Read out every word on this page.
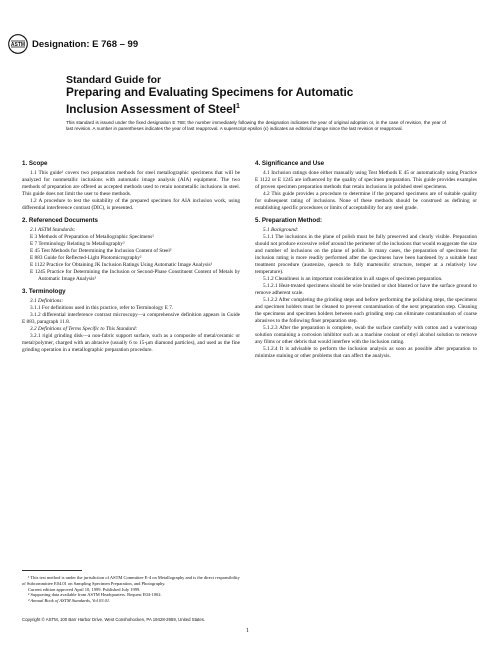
ASTM Designation: E 768 – 99
Standard Guide for
Preparing and Evaluating Specimens for Automatic
Inclusion Assessment of Steel$^1$
This standard is issued under the fixed designation E 768; the number immediately following the designation indicates the year of original adoption or, in the case of revision, the year of last revision. A number in parentheses indicates the year of last reapproval. A superscript epsilon (ε) indicates an editorial change since the last revision or reapproval.
1. Scope

1.1 This guide¹ covers two preparation methods for steel metallographic specimens that will be analyzed for nonmetallic inclusions with automatic image analysis (AIA) equipment. The two methods of preparation are offered as accepted methods used to retain nonmetallic inclusions in steel. This guide does not limit the user to these methods.

1.2 A procedure to test the suitability of the prepared specimen for AIA inclusion work, using differential interference contrast (DIC), is presented.

2. Referenced Documents

2.1 ASTM Standards:

E 3 Methods of Preparation of Metallographic Specimens²

E 7 Terminology Relating to Metallography²

E 45 Test Methods for Determining the Inclusion Content of Steel²

E 883 Guide for Reflected-Light Photomicrography²

E 1122 Practice for Obtaining JK Inclusion Ratings Using Automatic Image Analysis²

E 1245 Practice for Determining the Inclusion or Second-Phase Constituent Content of Metals by Automatic Image Analysis²

3. Terminology

3.1 Definitions:

3.1.1 For definitions used in this practice, refer to Terminology E 7.

3.1.2 differential interference contrast microscopy—a comprehensive definition appears in Guide E 883, paragraph 11.8.

3.2 Definitions of Terms Specific to This Standard:

3.2.1 rigid grinding disk—a non-fabric support surface, such as a composite of metal/ceramic or metal/polymer, charged with an abrasive (usually 6 to 15-μm diamond particles), and used as the fine grinding operation in a metallographic preparation procedure.

¹ This test method is under the jurisdiction of ASTM Committee E-4 on Metallography and is the direct responsibility of Subcommittee E04.01 on Sampling Specimen Preparation, and Photography.

Current edition approved April 10, 1999. Published July 1999.

² Supporting data available from ASTM Headquarters. Request E04-1002.

³ Annual Book of ASTM Standards, Vol 03.01.

4. Significance and Use

4.1 Inclusion ratings done either manually using Test Methods E 45 or automatically using Practice E 1122 or E 1245 are influenced by the quality of specimen preparation. This guide provides examples of proven specimen preparation methods that retain inclusions in polished steel specimens.

4.2 This guide provides a procedure to determine if the prepared specimens are of suitable quality for subsequent rating of inclusions. None of these methods should be construed as defining or establishing specific procedures or limits of acceptability for any steel grade.

5. Preparation Method:

5.1 Background:

5.1.1 The inclusions in the plane of polish must be fully preserved and clearly visible. Preparation should not produce excessive relief around the perimeter of the inclusions that would exaggerate the size and number of inclusions on the plane of polish. In many cases, the preparation of specimens for inclusion rating is more readily performed after the specimens have been hardened by a suitable heat treatment procedure (austenize, quench to fully martensitic structure, temper at a relatively low temperature).

5.1.2 Cleanliness is an important consideration in all stages of specimen preparation.

5.1.2.1 Heat-treated specimens should be wire brushed or shot blasted or have the surface ground to remove adherent scale.

5.1.2.2 After completing the grinding steps and before performing the polishing steps, the specimens and specimen holders must be cleaned to prevent contamination of the next preparation step. Cleaning the specimens and specimen holders between each grinding step can eliminate contamination of coarse abrasives to the following finer preparation step.

5.1.2.3 After the preparation is complete, swab the surface carefully with cotton and a water/soap solution containing a corrosion inhibitor such as a machine coolant or ethyl alcohol solution to remove any films or other debris that would interfere with the inclusion rating.

5.1.2.4 It is advisable to perform the inclusion analysis as soon as possible after preparation to minimize staining or other problems that can affect the analysis.

Copyright © ASTM, 100 Barr Harbor Drive, West Conshohocken, PA 19428-2959, United States.
1
